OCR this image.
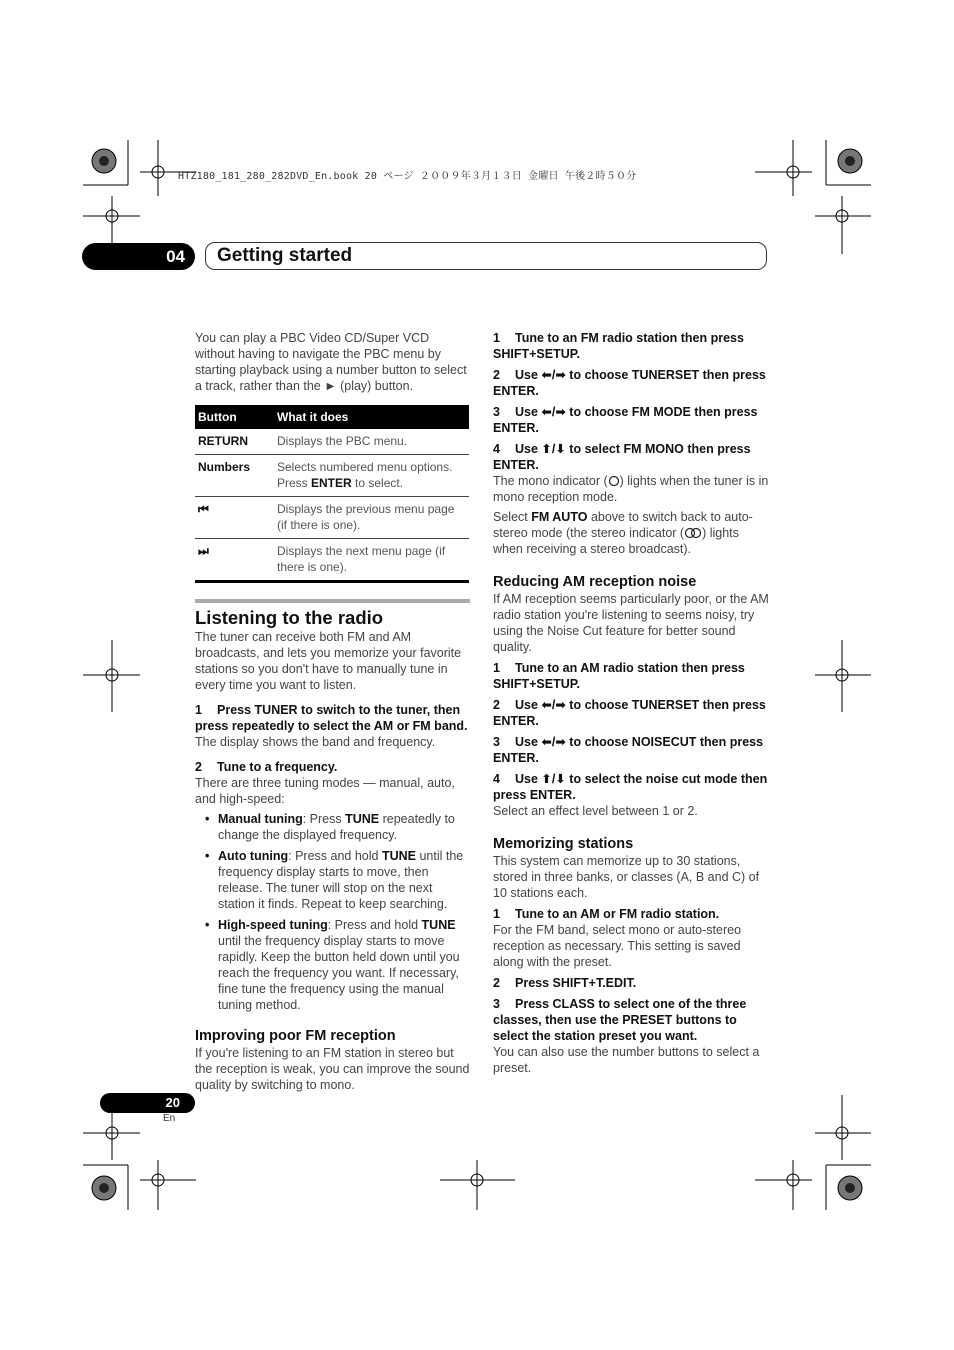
HTZ180_181_280_282DVD_En.book 20 ページ ２００９年３月１３日 金曜日 午後２時５０分
04	Getting started

You can play a PBC Video CD/Super VCD without having to navigate the PBC menu by starting playback using a number button to select a track, rather than the ► (play) button.

Button	What it does
RETURN	Displays the PBC menu.
Numbers	Selects numbered menu options. Press ENTER to select.
⏮	Displays the previous menu page (if there is one).
⏭	Displays the next menu page (if there is one).
Listening to the radio

The tuner can receive both FM and AM broadcasts, and lets you memorize your favorite stations so you don't have to manually tune in every time you want to listen.

1 Press TUNER to switch to the tuner, then press repeatedly to select the AM or FM band.

The display shows the band and frequency.

2 Tune to a frequency.

There are three tuning modes — manual, auto, and high-speed:

• Manual tuning: Press TUNE repeatedly to change the displayed frequency.

• Auto tuning: Press and hold TUNE until the frequency display starts to move, then release. The tuner will stop on the next station it finds. Repeat to keep searching.

• High-speed tuning: Press and hold TUNE until the frequency display starts to move rapidly. Keep the button held down until you reach the frequency you want. If necessary, fine tune the frequency using the manual tuning method.

Improving poor FM reception

If you're listening to an FM station in stereo but the reception is weak, you can improve the sound quality by switching to mono.

1 Tune to an FM radio station then press SHIFT+SETUP.

2 Use ⬅/➡ to choose TUNERSET then press ENTER.

3 Use ⬅/➡ to choose FM MODE then press ENTER.

4 Use ⬆/⬇ to select FM MONO then press ENTER.

The mono indicator ( ) lights when the tuner is in mono reception mode.

Select FM AUTO above to switch back to auto-stereo mode (the stereo indicator ( ) lights when receiving a stereo broadcast).

Reducing AM reception noise

If AM reception seems particularly poor, or the AM radio station you're listening to seems noisy, try using the Noise Cut feature for better sound quality.

1 Tune to an AM radio station then press SHIFT+SETUP.

2 Use ⬅/➡ to choose TUNERSET then press ENTER.

3 Use ⬅/➡ to choose NOISECUT then press ENTER.

4 Use ⬆/⬇ to select the noise cut mode then press ENTER.

Select an effect level between 1 or 2.

Memorizing stations

This system can memorize up to 30 stations, stored in three banks, or classes (A, B and C) of 10 stations each.

1 Tune to an AM or FM radio station.

For the FM band, select mono or auto-stereo reception as necessary. This setting is saved along with the preset.

2 Press SHIFT+T.EDIT.

3 Press CLASS to select one of the three classes, then use the PRESET buttons to select the station preset you want.

You can also use the number buttons to select a preset.

20
En
